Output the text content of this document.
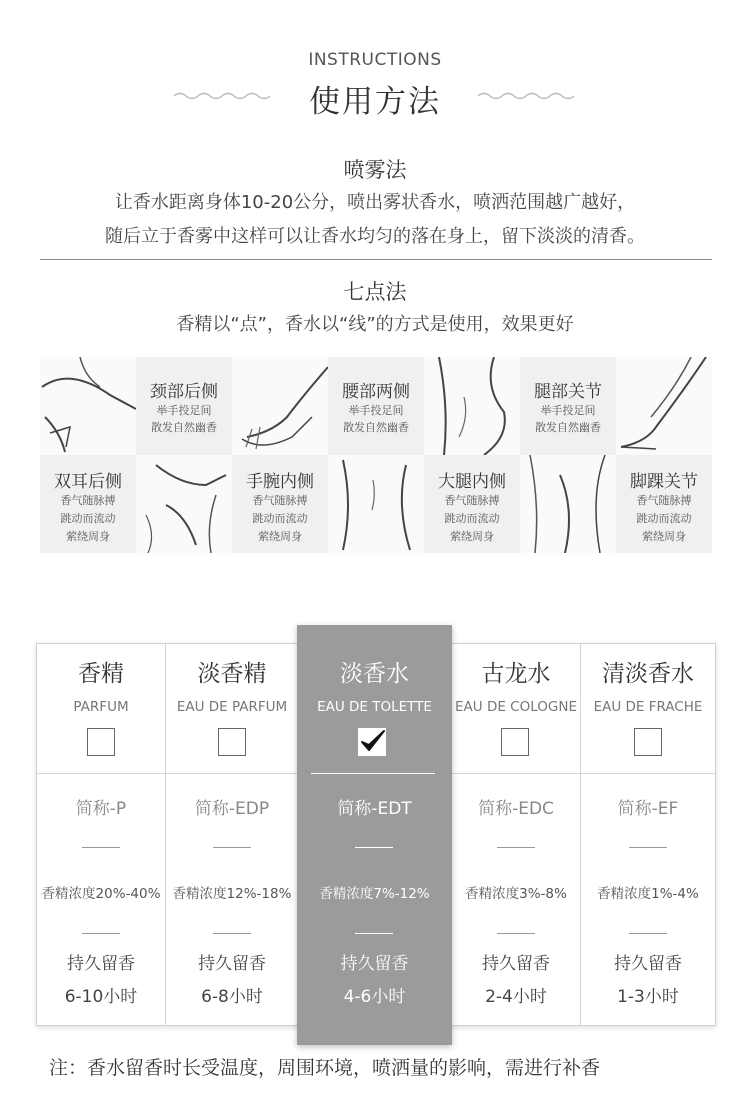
INSTRUCTIONS
使用方法
喷雾法
让香水距离身体10-20公分，喷出雾状香水，喷洒范围越广越好，
随后立于香雾中这样可以让香水均匀的落在身上，留下淡淡的清香。
七点法
香精以“点”，香水以“线”的方式是使用，效果更好
颈部后侧
举手投足间
散发自然幽香
腰部两侧
举手投足间
散发自然幽香
腿部关节
举手投足间
散发自然幽香
双耳后侧
香气随脉搏
跳动而流动
萦绕周身
手腕内侧
香气随脉搏
跳动而流动
萦绕周身
大腿内侧
香气随脉搏
跳动而流动
萦绕周身
脚踝关节
香气随脉搏
跳动而流动
萦绕周身
香精
PARFUM
简称-P
香精浓度20%-40%
持久留香
6-10小时
淡香精
EAU DE PARFUM
简称-EDP
香精浓度12%-18%
持久留香
6-8小时
淡香水
EAU DE TOLETTE
简称-EDT
香精浓度7%-12%
持久留香
4-6小时
古龙水
EAU DE COLOGNE
简称-EDC
香精浓度3%-8%
持久留香
2-4小时
清淡香水
EAU DE FRACHE
简称-EF
香精浓度1%-4%
持久留香
1-3小时
注：香水留香时长受温度，周围环境，喷洒量的影响，需进行补香
